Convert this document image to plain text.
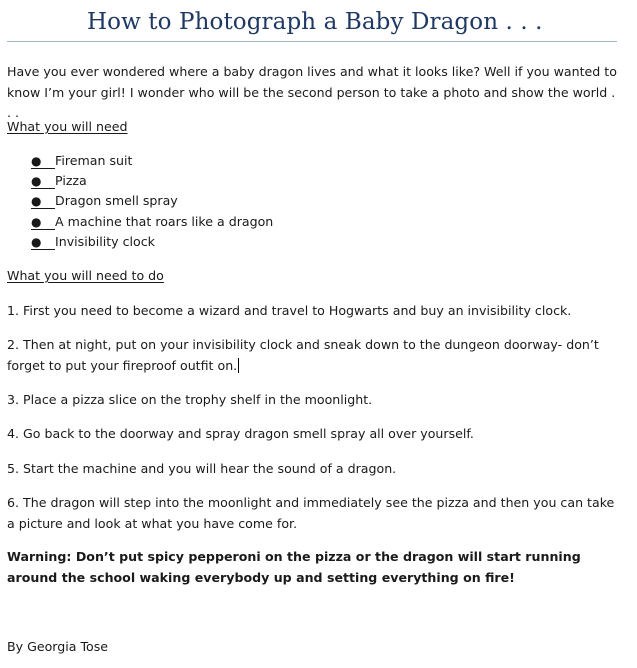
How to Photograph a Baby Dragon . . .
Have you ever wondered where a baby dragon lives and what it looks like? Well if you wanted to know I’m your girl! I wonder who will be the second person to take a photo and show the world . . .
What you will need
●	Fireman suit
●	Pizza
●	Dragon smell spray
●	A machine that roars like a dragon
●	Invisibility clock
What you will need to do
1. First you need to become a wizard and travel to Hogwarts and buy an invisibility clock.
2. Then at night, put on your invisibility clock and sneak down to the dungeon doorway- don’t forget to put your fireproof outfit on.
3. Place a pizza slice on the trophy shelf in the moonlight.
4. Go back to the doorway and spray dragon smell spray all over yourself.
5. Start the machine and you will hear the sound of a dragon.
6. The dragon will step into the moonlight and immediately see the pizza and then you can take a picture and look at what you have come for.
Warning: Don’t put spicy pepperoni on the pizza or the dragon will start running around the school waking everybody up and setting everything on fire!
By Georgia Tose
